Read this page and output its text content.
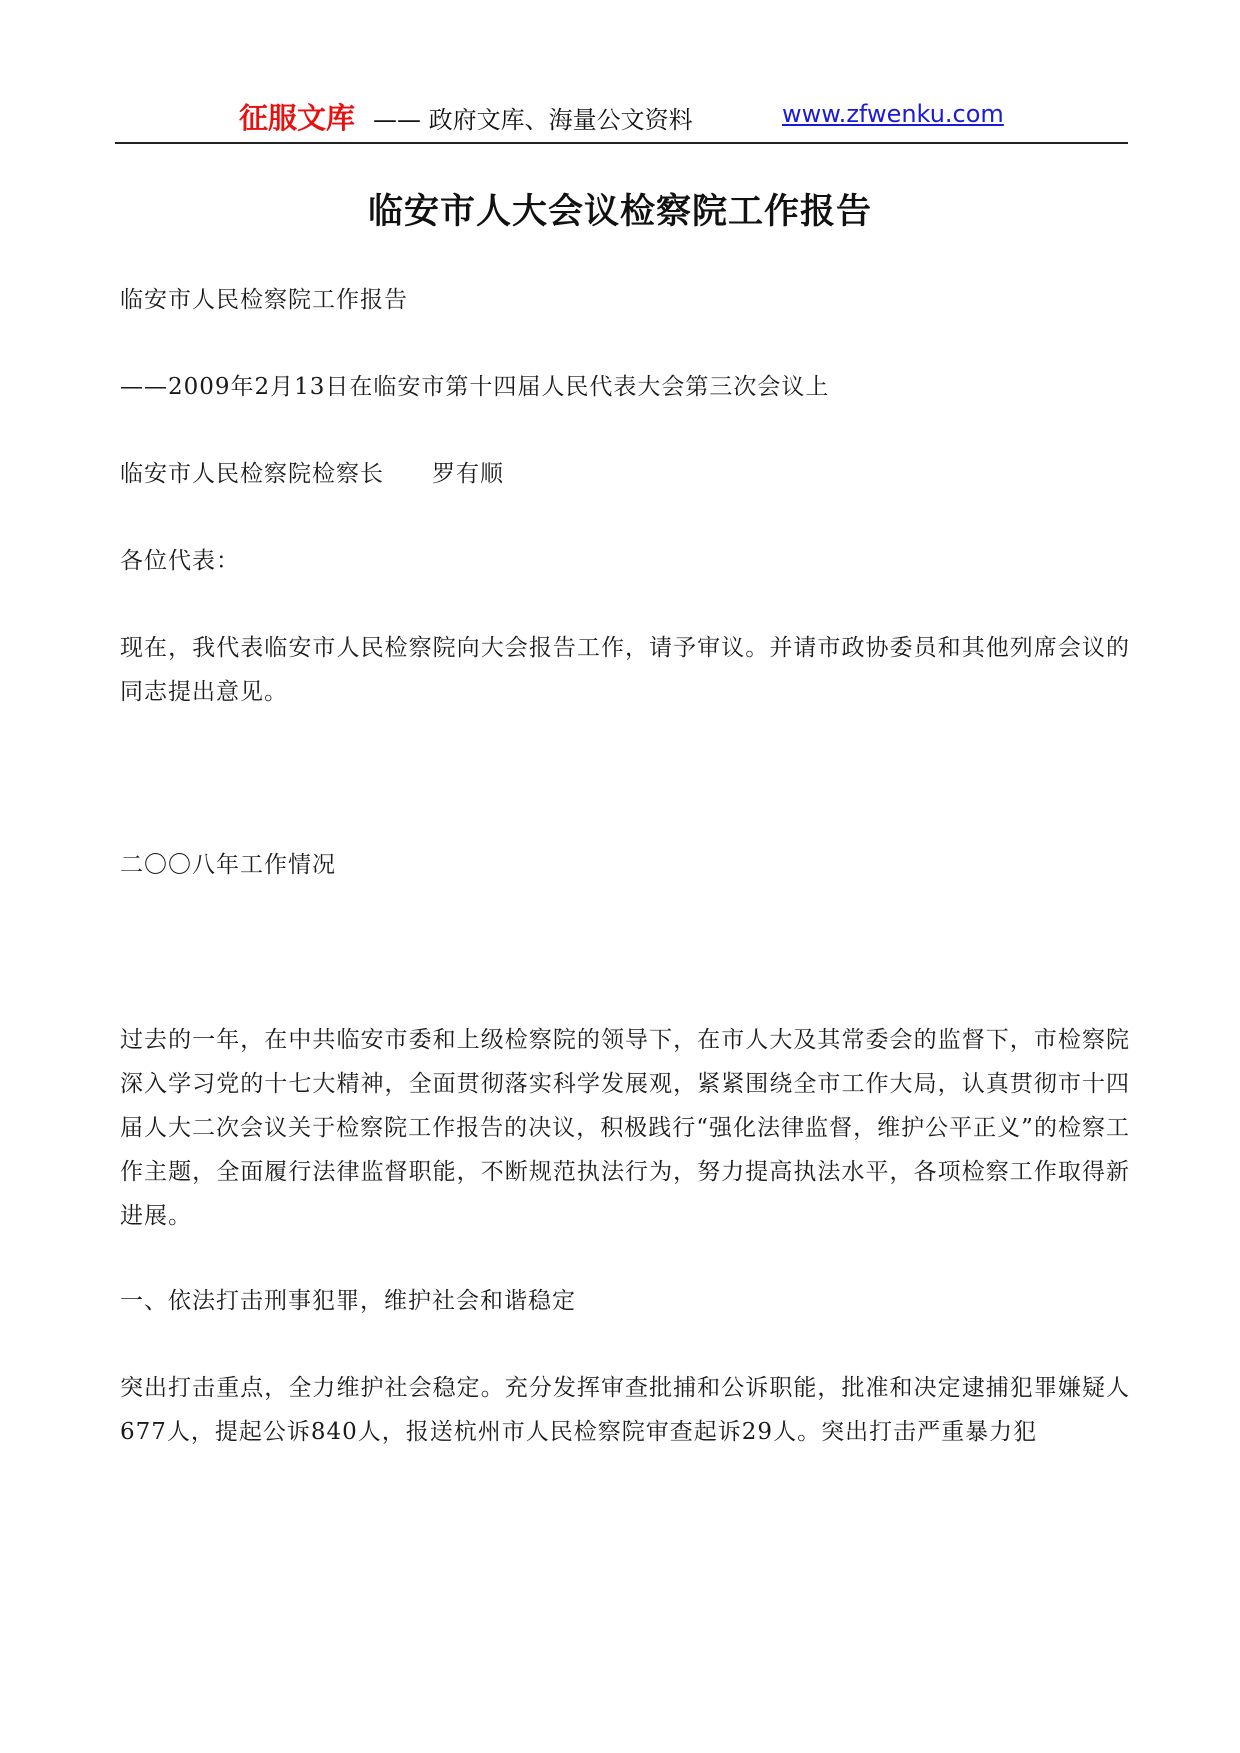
征服文库 —— 政府文库、海量公文资料	www.zfwenku.com
临安市人大会议检察院工作报告
临安市人民检察院工作报告
——2009年2月13日在临安市第十四届人民代表大会第三次会议上
临安市人民检察院检察长　　罗有顺
各位代表：
现在，我代表临安市人民检察院向大会报告工作，请予审议。并请市政协委员和其他列席会议的同志提出意见。
二〇〇八年工作情况
过去的一年，在中共临安市委和上级检察院的领导下，在市人大及其常委会的监督下，市检察院深入学习党的十七大精神，全面贯彻落实科学发展观，紧紧围绕全市工作大局，认真贯彻市十四届人大二次会议关于检察院工作报告的决议，积极践行“强化法律监督，维护公平正义”的检察工作主题，全面履行法律监督职能，不断规范执法行为，努力提高执法水平，各项检察工作取得新进展。
一、依法打击刑事犯罪，维护社会和谐稳定
突出打击重点，全力维护社会稳定。充分发挥审查批捕和公诉职能，批准和决定逮捕犯罪嫌疑人677人，提起公诉840人，报送杭州市人民检察院审查起诉29人。突出打击严重暴力犯
